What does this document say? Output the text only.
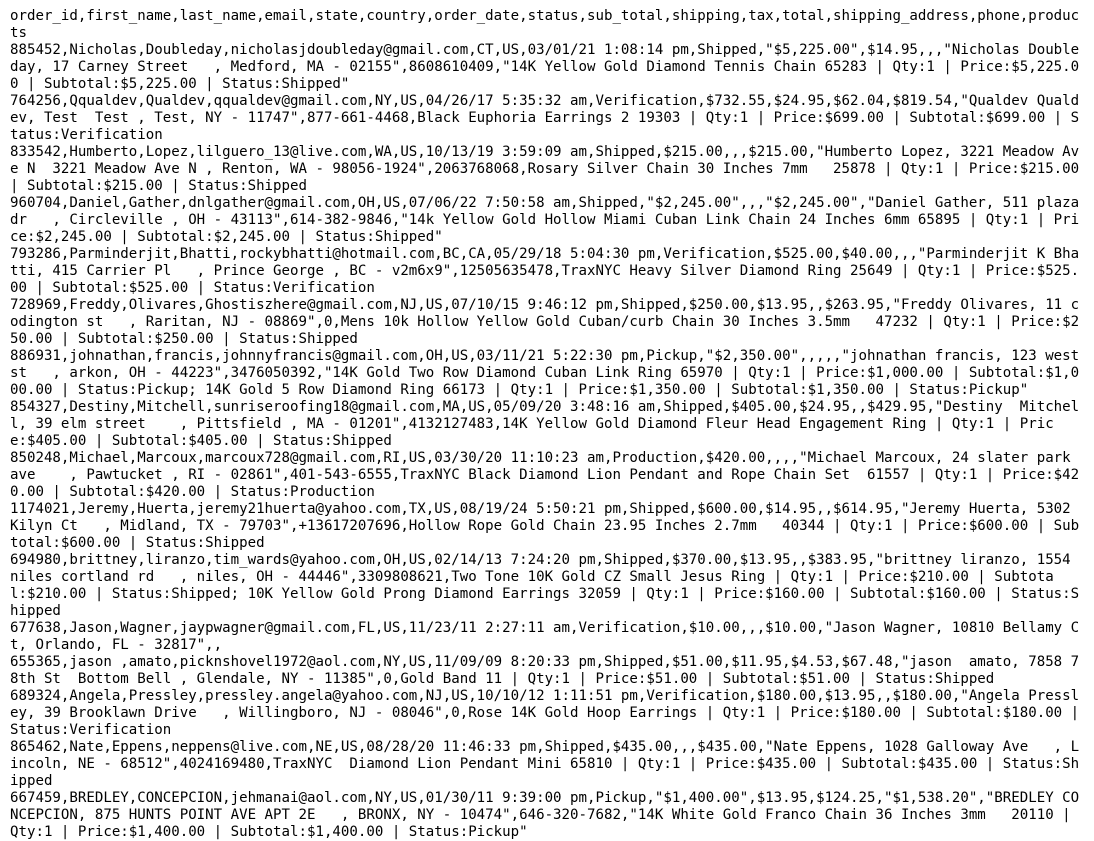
order_id,first_name,last_name,email,state,country,order_date,status,sub_total,shipping,tax,total,shipping_address,phone,products
885452,Nicholas,Doubleday,nicholasjdoubleday@gmail.com,CT,US,03/01/21 1:08:14 pm,Shipped,"$5,225.00",$14.95,,,"Nicholas Doubleday, 17 Carney Street   , Medford, MA - 02155",8608610409,"14K Yellow Gold Diamond Tennis Chain 65283 | Qty:1 | Price:$5,225.00 | Subtotal:$5,225.00 | Status:Shipped"
764256,Qqualdev,Qualdev,qqualdev@gmail.com,NY,US,04/26/17 5:35:32 am,Verification,$732.55,$24.95,$62.04,$819.54,"Qualdev Qualdev, Test  Test , Test, NY - 11747",877-661-4468,Black Euphoria Earrings 2 19303 | Qty:1 | Price:$699.00 | Subtotal:$699.00 | Status:Verification
833542,Humberto,Lopez,lilguero_13@live.com,WA,US,10/13/19 3:59:09 am,Shipped,$215.00,,,$215.00,"Humberto Lopez, 3221 Meadow Ave N  3221 Meadow Ave N , Renton, WA - 98056-1924",2063768068,Rosary Silver Chain 30 Inches 7mm   25878 | Qty:1 | Price:$215.00 | Subtotal:$215.00 | Status:Shipped
960704,Daniel,Gather,dnlgather@gmail.com,OH,US,07/06/22 7:50:58 am,Shipped,"$2,245.00",,,"$2,245.00","Daniel Gather, 511 plaza dr   , Circleville , OH - 43113",614-382-9846,"14k Yellow Gold Hollow Miami Cuban Link Chain 24 Inches 6mm 65895 | Qty:1 | Price:$2,245.00 | Subtotal:$2,245.00 | Status:Shipped"
793286,Parminderjit,Bhatti,rockybhatti@hotmail.com,BC,CA,05/29/18 5:04:30 pm,Verification,$525.00,$40.00,,,"Parminderjit K Bhatti, 415 Carrier Pl   , Prince George , BC - v2m6x9",12505635478,TraxNYC Heavy Silver Diamond Ring 25649 | Qty:1 | Price:$525.00 | Subtotal:$525.00 | Status:Verification
728969,Freddy,Olivares,Ghostiszhere@gmail.com,NJ,US,07/10/15 9:46:12 pm,Shipped,$250.00,$13.95,,$263.95,"Freddy Olivares, 11 codington st   , Raritan, NJ - 08869",0,Mens 10k Hollow Yellow Gold Cuban/curb Chain 30 Inches 3.5mm   47232 | Qty:1 | Price:$250.00 | Subtotal:$250.00 | Status:Shipped
886931,johnathan,francis,johnnyfrancis@gmail.com,OH,US,03/11/21 5:22:30 pm,Pickup,"$2,350.00",,,,,"johnathan francis, 123 west st   , arkon, OH - 44223",3476050392,"14K Gold Two Row Diamond Cuban Link Ring 65970 | Qty:1 | Price:$1,000.00 | Subtotal:$1,000.00 | Status:Pickup; 14K Gold 5 Row Diamond Ring 66173 | Qty:1 | Price:$1,350.00 | Subtotal:$1,350.00 | Status:Pickup"
854327,Destiny,Mitchell,sunriseroofing18@gmail.com,MA,US,05/09/20 3:48:16 am,Shipped,$405.00,$24.95,,$429.95,"Destiny  Mitchell, 39 elm street    , Pittsfield , MA - 01201",4132127483,14K Yellow Gold Diamond Fleur Head Engagement Ring | Qty:1 | Price:$405.00 | Subtotal:$405.00 | Status:Shipped
850248,Michael,Marcoux,marcoux728@gmail.com,RI,US,03/30/20 11:10:23 am,Production,$420.00,,,,"Michael Marcoux, 24 slater park ave    , Pawtucket , RI - 02861",401-543-6555,TraxNYC Black Diamond Lion Pendant and Rope Chain Set  61557 | Qty:1 | Price:$420.00 | Subtotal:$420.00 | Status:Production
1174021,Jeremy,Huerta,jeremy21huerta@yahoo.com,TX,US,08/19/24 5:50:21 pm,Shipped,$600.00,$14.95,,$614.95,"Jeremy Huerta, 5302 Kilyn Ct   , Midland, TX - 79703",+13617207696,Hollow Rope Gold Chain 23.95 Inches 2.7mm   40344 | Qty:1 | Price:$600.00 | Subtotal:$600.00 | Status:Shipped
694980,brittney,liranzo,tim_wards@yahoo.com,OH,US,02/14/13 7:24:20 pm,Shipped,$370.00,$13.95,,$383.95,"brittney liranzo, 1554 niles cortland rd   , niles, OH - 44446",3309808621,Two Tone 10K Gold CZ Small Jesus Ring | Qty:1 | Price:$210.00 | Subtotal:$210.00 | Status:Shipped; 10K Yellow Gold Prong Diamond Earrings 32059 | Qty:1 | Price:$160.00 | Subtotal:$160.00 | Status:Shipped
677638,Jason,Wagner,jaypwagner@gmail.com,FL,US,11/23/11 2:27:11 am,Verification,$10.00,,,$10.00,"Jason Wagner, 10810 Bellamy Ct, Orlando, FL - 32817",,
655365,jason ,amato,picknshovel1972@aol.com,NY,US,11/09/09 8:20:33 pm,Shipped,$51.00,$11.95,$4.53,$67.48,"jason  amato, 7858 78th St  Bottom Bell , Glendale, NY - 11385",0,Gold Band 11 | Qty:1 | Price:$51.00 | Subtotal:$51.00 | Status:Shipped
689324,Angela,Pressley,pressley.angela@yahoo.com,NJ,US,10/10/12 1:11:51 pm,Verification,$180.00,$13.95,,$180.00,"Angela Pressley, 39 Brooklawn Drive   , Willingboro, NJ - 08046",0,Rose 14K Gold Hoop Earrings | Qty:1 | Price:$180.00 | Subtotal:$180.00 | Status:Verification
865462,Nate,Eppens,neppens@live.com,NE,US,08/28/20 11:46:33 pm,Shipped,$435.00,,,$435.00,"Nate Eppens, 1028 Galloway Ave   , Lincoln, NE - 68512",4024169480,TraxNYC  Diamond Lion Pendant Mini 65810 | Qty:1 | Price:$435.00 | Subtotal:$435.00 | Status:Shipped
667459,BREDLEY,CONCEPCION,jehmanai@aol.com,NY,US,01/30/11 9:39:00 pm,Pickup,"$1,400.00",$13.95,$124.25,"$1,538.20","BREDLEY CONCEPCION, 875 HUNTS POINT AVE APT 2E   , BRONX, NY - 10474",646-320-7682,"14K White Gold Franco Chain 36 Inches 3mm   20110 | Qty:1 | Price:$1,400.00 | Subtotal:$1,400.00 | Status:Pickup"
